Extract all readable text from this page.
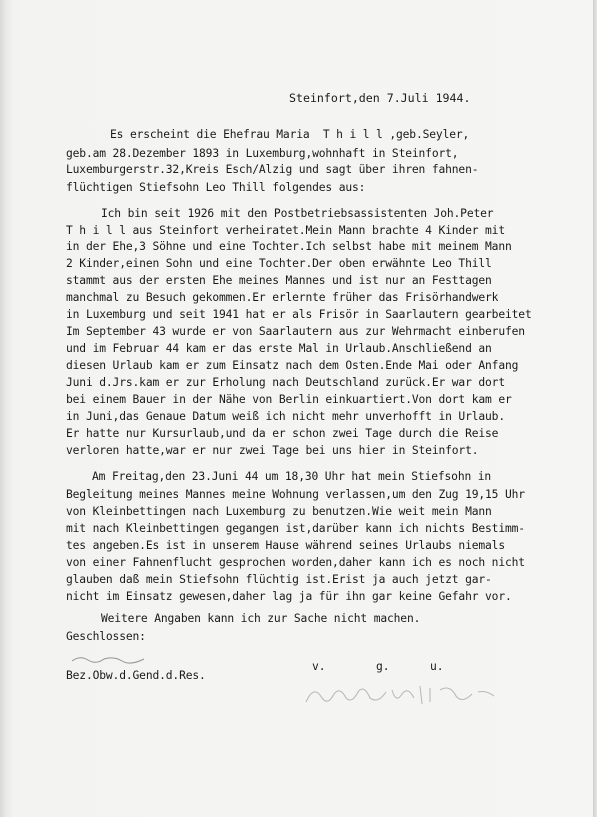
Steinfort,den 7.Juli 1944.
Es erscheint die Ehefrau Maria  T h i l l ,geb.Seyler,
geb.am 28.Dezember 1893 in Luxemburg,wohnhaft in Steinfort,
Luxemburgerstr.32,Kreis Esch/Alzig und sagt über ihren fahnen-
flüchtigen Stiefsohn Leo Thill folgendes aus:
Ich bin seit 1926 mit den Postbetriebsassistenten Joh.Peter
T h i l l aus Steinfort verheiratet.Mein Mann brachte 4 Kinder mit
in der Ehe,3 Söhne und eine Tochter.Ich selbst habe mit meinem Mann
2 Kinder,einen Sohn und eine Tochter.Der oben erwähnte Leo Thill
stammt aus der ersten Ehe meines Mannes und ist nur an Festtagen
manchmal zu Besuch gekommen.Er erlernte früher das Frisörhandwerk
in Luxemburg und seit 1941 hat er als Frisör in Saarlautern gearbeitet
Im September 43 wurde er von Saarlautern aus zur Wehrmacht einberufen
und im Februar 44 kam er das erste Mal in Urlaub.Anschließend an
diesen Urlaub kam er zum Einsatz nach dem Osten.Ende Mai oder Anfang
Juni d.Jrs.kam er zur Erholung nach Deutschland zurück.Er war dort
bei einem Bauer in der Nähe von Berlin einkuartiert.Von dort kam er
in Juni,das Genaue Datum weiß ich nicht mehr unverhofft in Urlaub.
Er hatte nur Kursurlaub,und da er schon zwei Tage durch die Reise
verloren hatte,war er nur zwei Tage bei uns hier in Steinfort.
Am Freitag,den 23.Juni 44 um 18,30 Uhr hat mein Stiefsohn in
Begleitung meines Mannes meine Wohnung verlassen,um den Zug 19,15 Uhr
von Kleinbettingen nach Luxemburg zu benutzen.Wie weit mein Mann
mit nach Kleinbettingen gegangen ist,darüber kann ich nichts Bestimm-
tes angeben.Es ist in unserem Hause während seines Urlaubs niemals
von einer Fahnenflucht gesprochen worden,daher kann ich es noch nicht
glauben daß mein Stiefsohn flüchtig ist.Erist ja auch jetzt gar-
nicht im Einsatz gewesen,daher lag ja für ihn gar keine Gefahr vor.
Weitere Angaben kann ich zur Sache nicht machen.
Geschlossen:
v.	g.	u.
Bez.Obw.d.Gend.d.Res.
